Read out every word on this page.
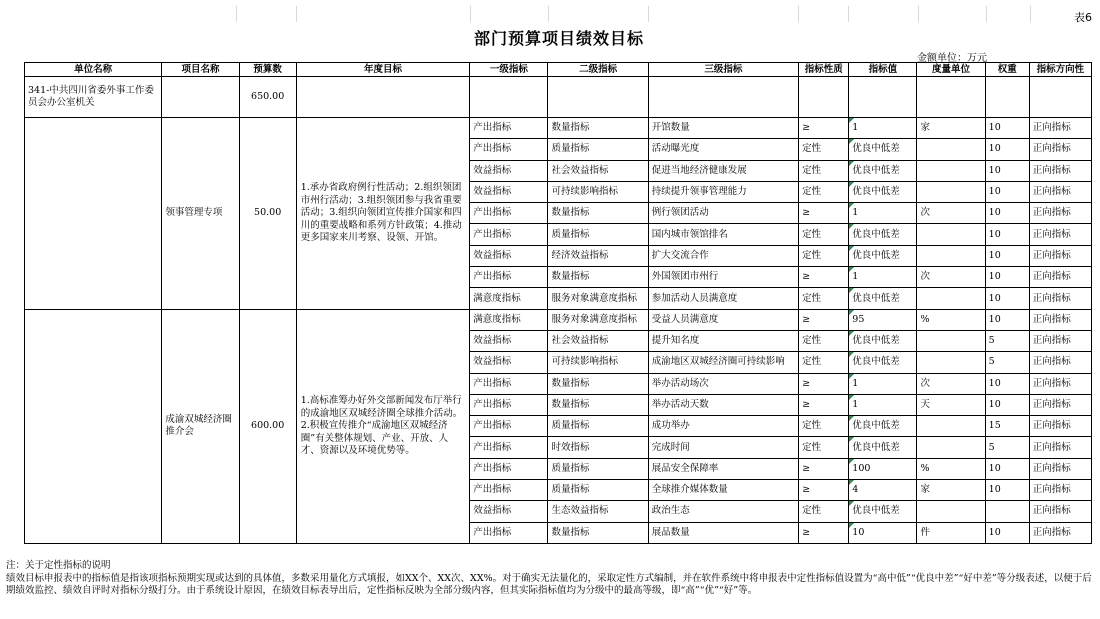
表6
部门预算项目绩效目标
金额单位：万元
单位名称	项目名称	预算数	年度目标	一级指标	二级指标	三级指标	指标性质	指标值	度量单位	权重	指标方向性
341-中共四川省委外事工作委员会办公室机关		650.00									
	领事管理专项	50.00	1.承办省政府例行性活动；2.组织领团市州行活动；3.组织领团参与我省重要活动；3.组织向领团宣传推介国家和四川的重要战略和系列方针政策；4.推动更多国家来川考察、设领、开馆。	产出指标	数量指标	开馆数量	≥	1	家	10	正向指标
				产出指标	质量指标	活动曝光度	定性	优良中低差		10	正向指标
				效益指标	社会效益指标	促进当地经济健康发展	定性	优良中低差		10	正向指标
				效益指标	可持续影响指标	持续提升领事管理能力	定性	优良中低差		10	正向指标
				产出指标	数量指标	例行领团活动	≥	1	次	10	正向指标
				产出指标	质量指标	国内城市领馆排名	定性	优良中低差		10	正向指标
				效益指标	经济效益指标	扩大交流合作	定性	优良中低差		10	正向指标
				产出指标	数量指标	外国领团市州行	≥	1	次	10	正向指标
				满意度指标	服务对象满意度指标	参加活动人员满意度	定性	优良中低差		10	正向指标
	成渝双城经济圈推介会	600.00	1.高标准筹办好外交部新闻发布厅举行的成渝地区双城经济圈全球推介活动。2.积极宣传推介“成渝地区双城经济圈”有关整体规划、产业、开放、人才、资源以及环境优势等。	满意度指标	服务对象满意度指标	受益人员满意度	≥	95	%	10	正向指标
				效益指标	社会效益指标	提升知名度	定性	优良中低差		5	正向指标
				效益指标	可持续影响指标	成渝地区双城经济圈可持续影响	定性	优良中低差		5	正向指标
				产出指标	数量指标	举办活动场次	≥	1	次	10	正向指标
				产出指标	数量指标	举办活动天数	≥	1	天	10	正向指标
				产出指标	质量指标	成功举办	定性	优良中低差		15	正向指标
				产出指标	时效指标	完成时间	定性	优良中低差		5	正向指标
				产出指标	质量指标	展品安全保障率	≥	100	%	10	正向指标
				产出指标	质量指标	全球推介媒体数量	≥	4	家	10	正向指标
				效益指标	生态效益指标	政治生态	定性	优良中低差			正向指标
				产出指标	数量指标	展品数量	≥	10	件	10	正向指标
注：关于定性指标的说明
绩效目标申报表中的指标值是指该项指标预期实现或达到的具体值，多数采用量化方式填报，如XX个、XX次、XX%。对于确实无法量化的，采取定性方式编制，并在软件系统中将申报表中定性指标值设置为“高中低”“优良中差”“好中差”等分级表述，以便于后期绩效监控、绩效自评时对指标分级打分。由于系统设计原因，在绩效目标表导出后，定性指标反映为全部分级内容，但其实际指标值均为分级中的最高等级，即“高”“优”“好”等。
